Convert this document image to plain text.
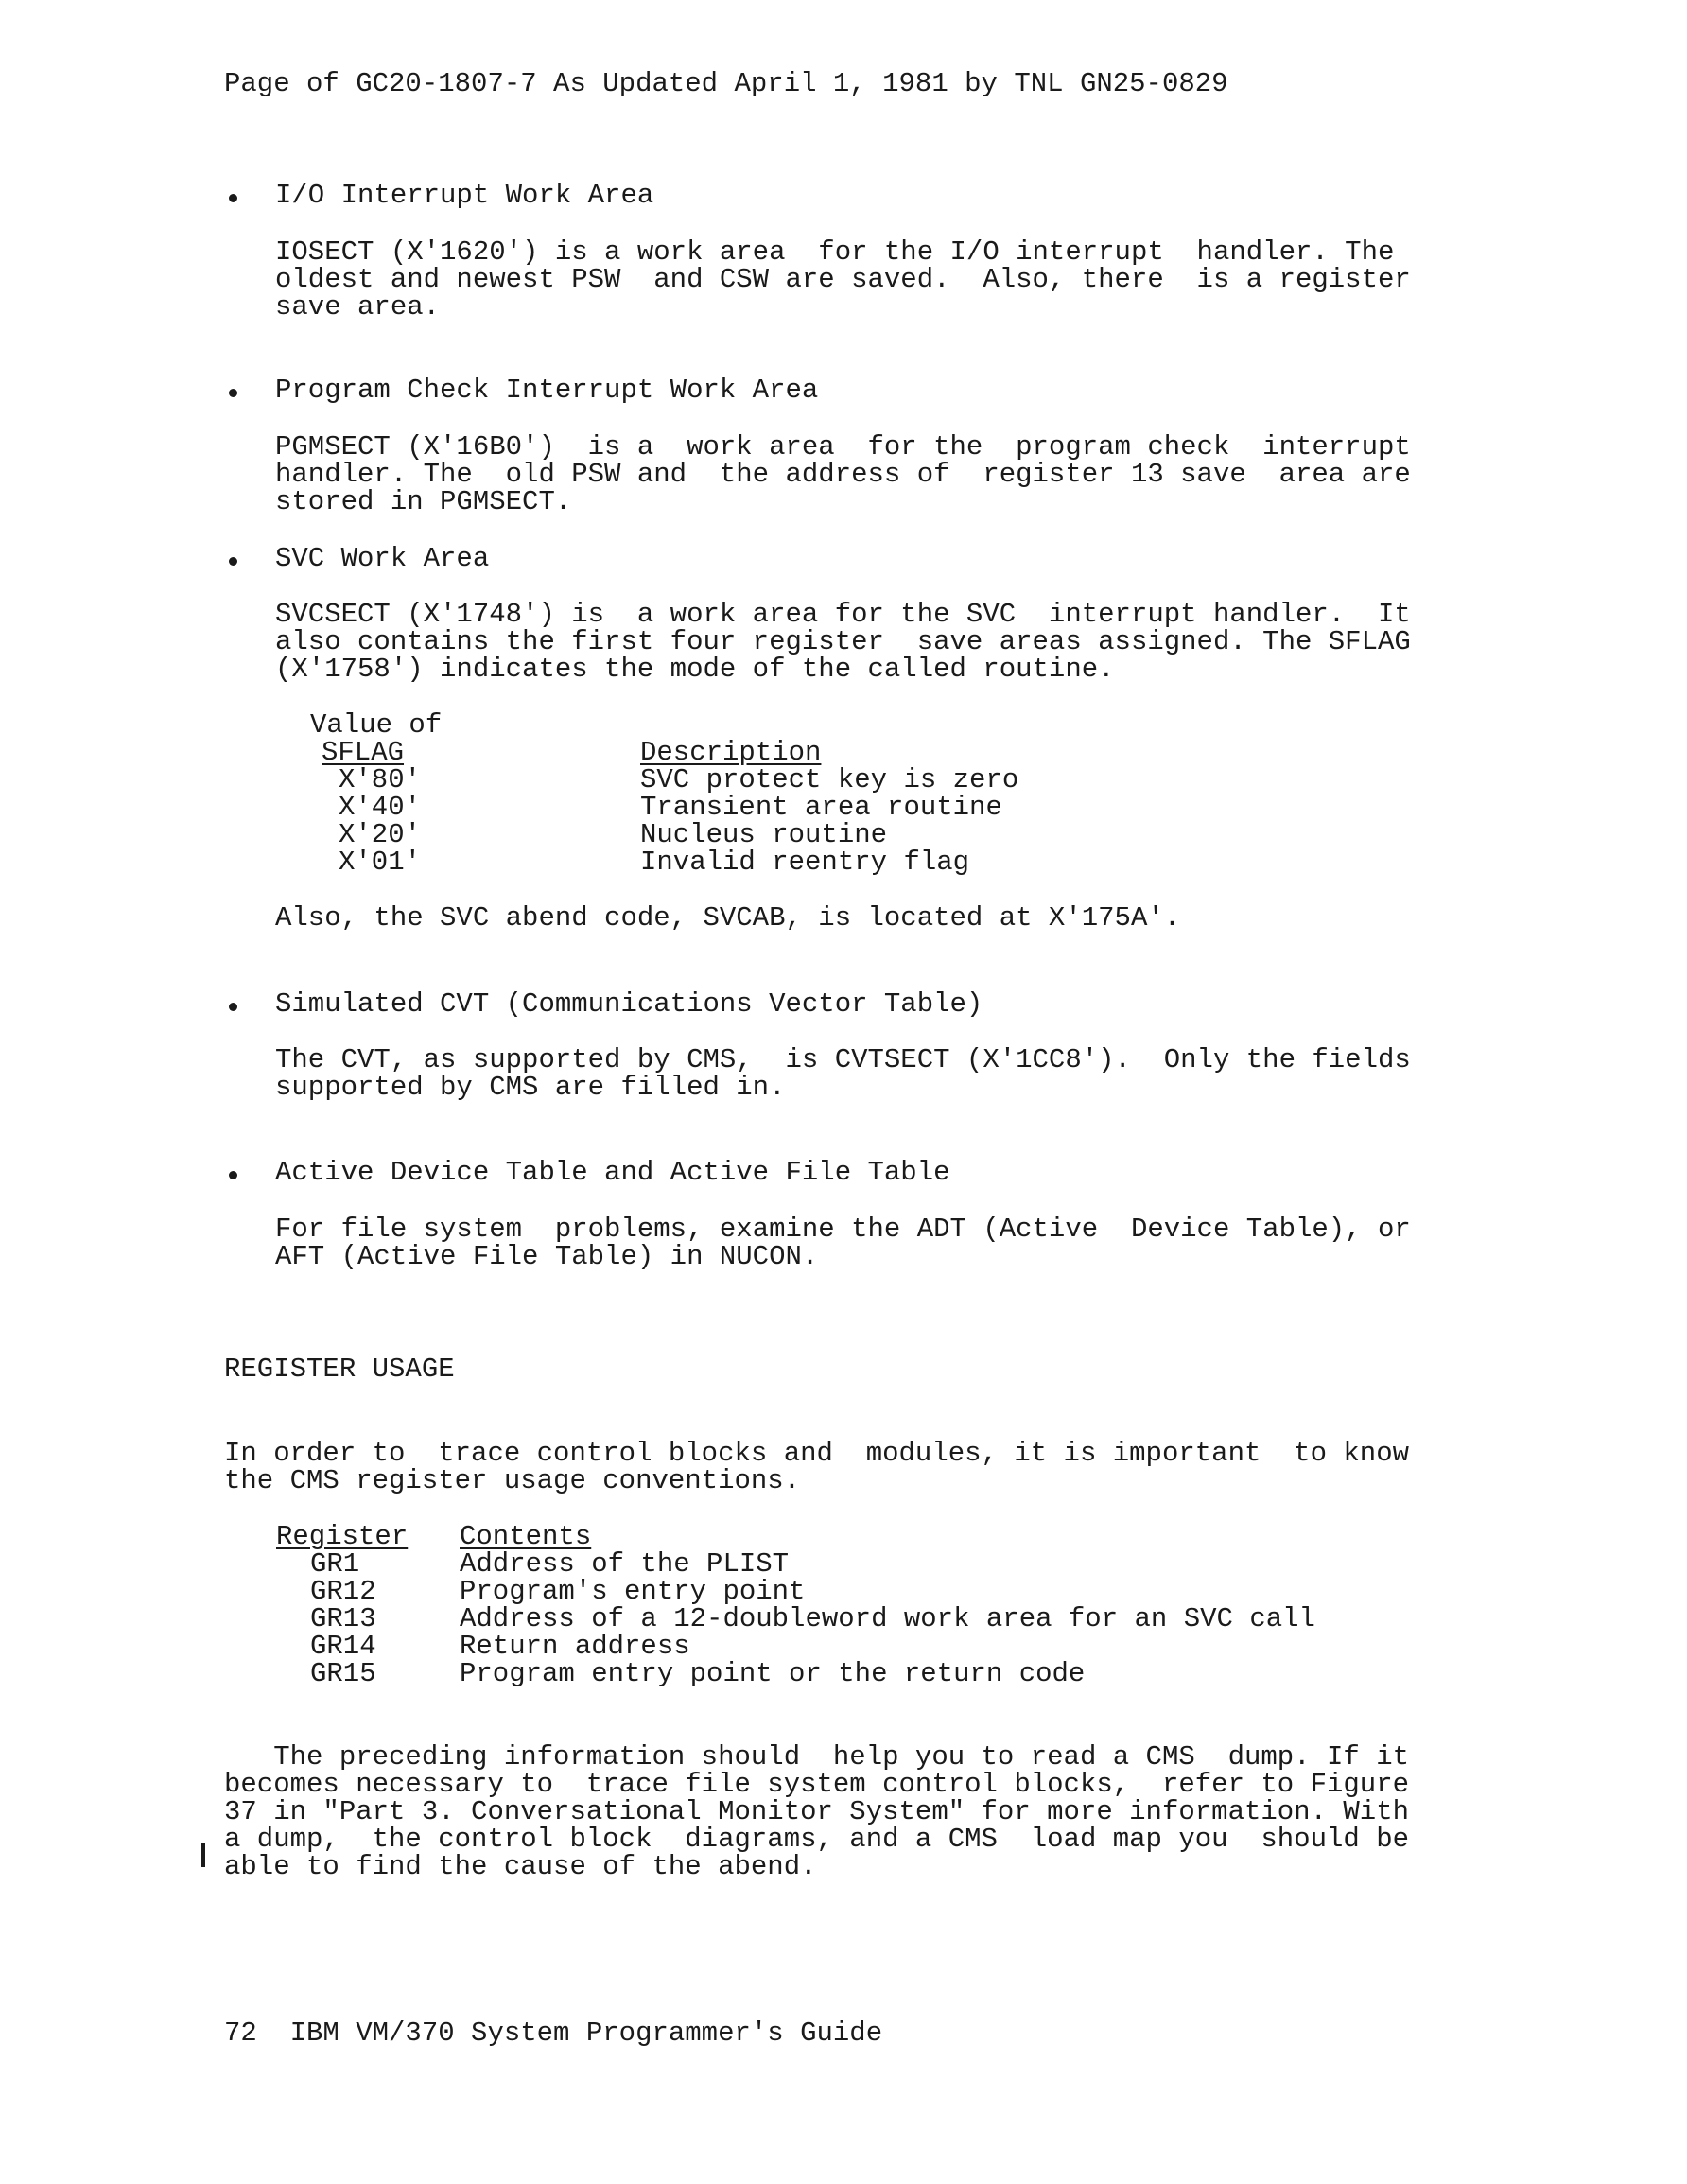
Page of GC20-1807-7 As Updated April 1, 1981 by TNL GN25-0829
I/O Interrupt Work Area
IOSECT (X'1620') is a work area  for the I/O interrupt  handler. The
oldest and newest PSW  and CSW are saved.  Also, there  is a register
save area.
Program Check Interrupt Work Area
PGMSECT (X'16B0')  is a  work area  for the  program check  interrupt
handler. The  old PSW and  the address of  register 13 save  area are
stored in PGMSECT.
SVC Work Area
SVCSECT (X'1748') is  a work area for the SVC  interrupt handler.  It
also contains the first four register  save areas assigned. The SFLAG
(X'1758') indicates the mode of the called routine.
Value of
SFLAG	Description
X'80'	SVC protect key is zero
X'40'	Transient area routine
X'20'	Nucleus routine
X'01'	Invalid reentry flag
Also, the SVC abend code, SVCAB, is located at X'175A'.
Simulated CVT (Communications Vector Table)
The CVT, as supported by CMS,  is CVTSECT (X'1CC8').  Only the fields
supported by CMS are filled in.
Active Device Table and Active File Table
For file system  problems, examine the ADT (Active  Device Table), or
AFT (Active File Table) in NUCON.
REGISTER USAGE
In order to  trace control blocks and  modules, it is important  to know
the CMS register usage conventions.
Register Contents
GR1	Address of the PLIST
GR12	Program's entry point
GR13	Address of a 12-doubleword work area for an SVC call
GR14	Return address
GR15	Program entry point or the return code
The preceding information should  help you to read a CMS  dump. If it
becomes necessary to  trace file system control blocks,  refer to Figure
37 in "Part 3. Conversational Monitor System" for more information. With
a dump,  the control block  diagrams, and a CMS  load map you  should be
able to find the cause of the abend.
72  IBM VM/370 System Programmer's Guide
